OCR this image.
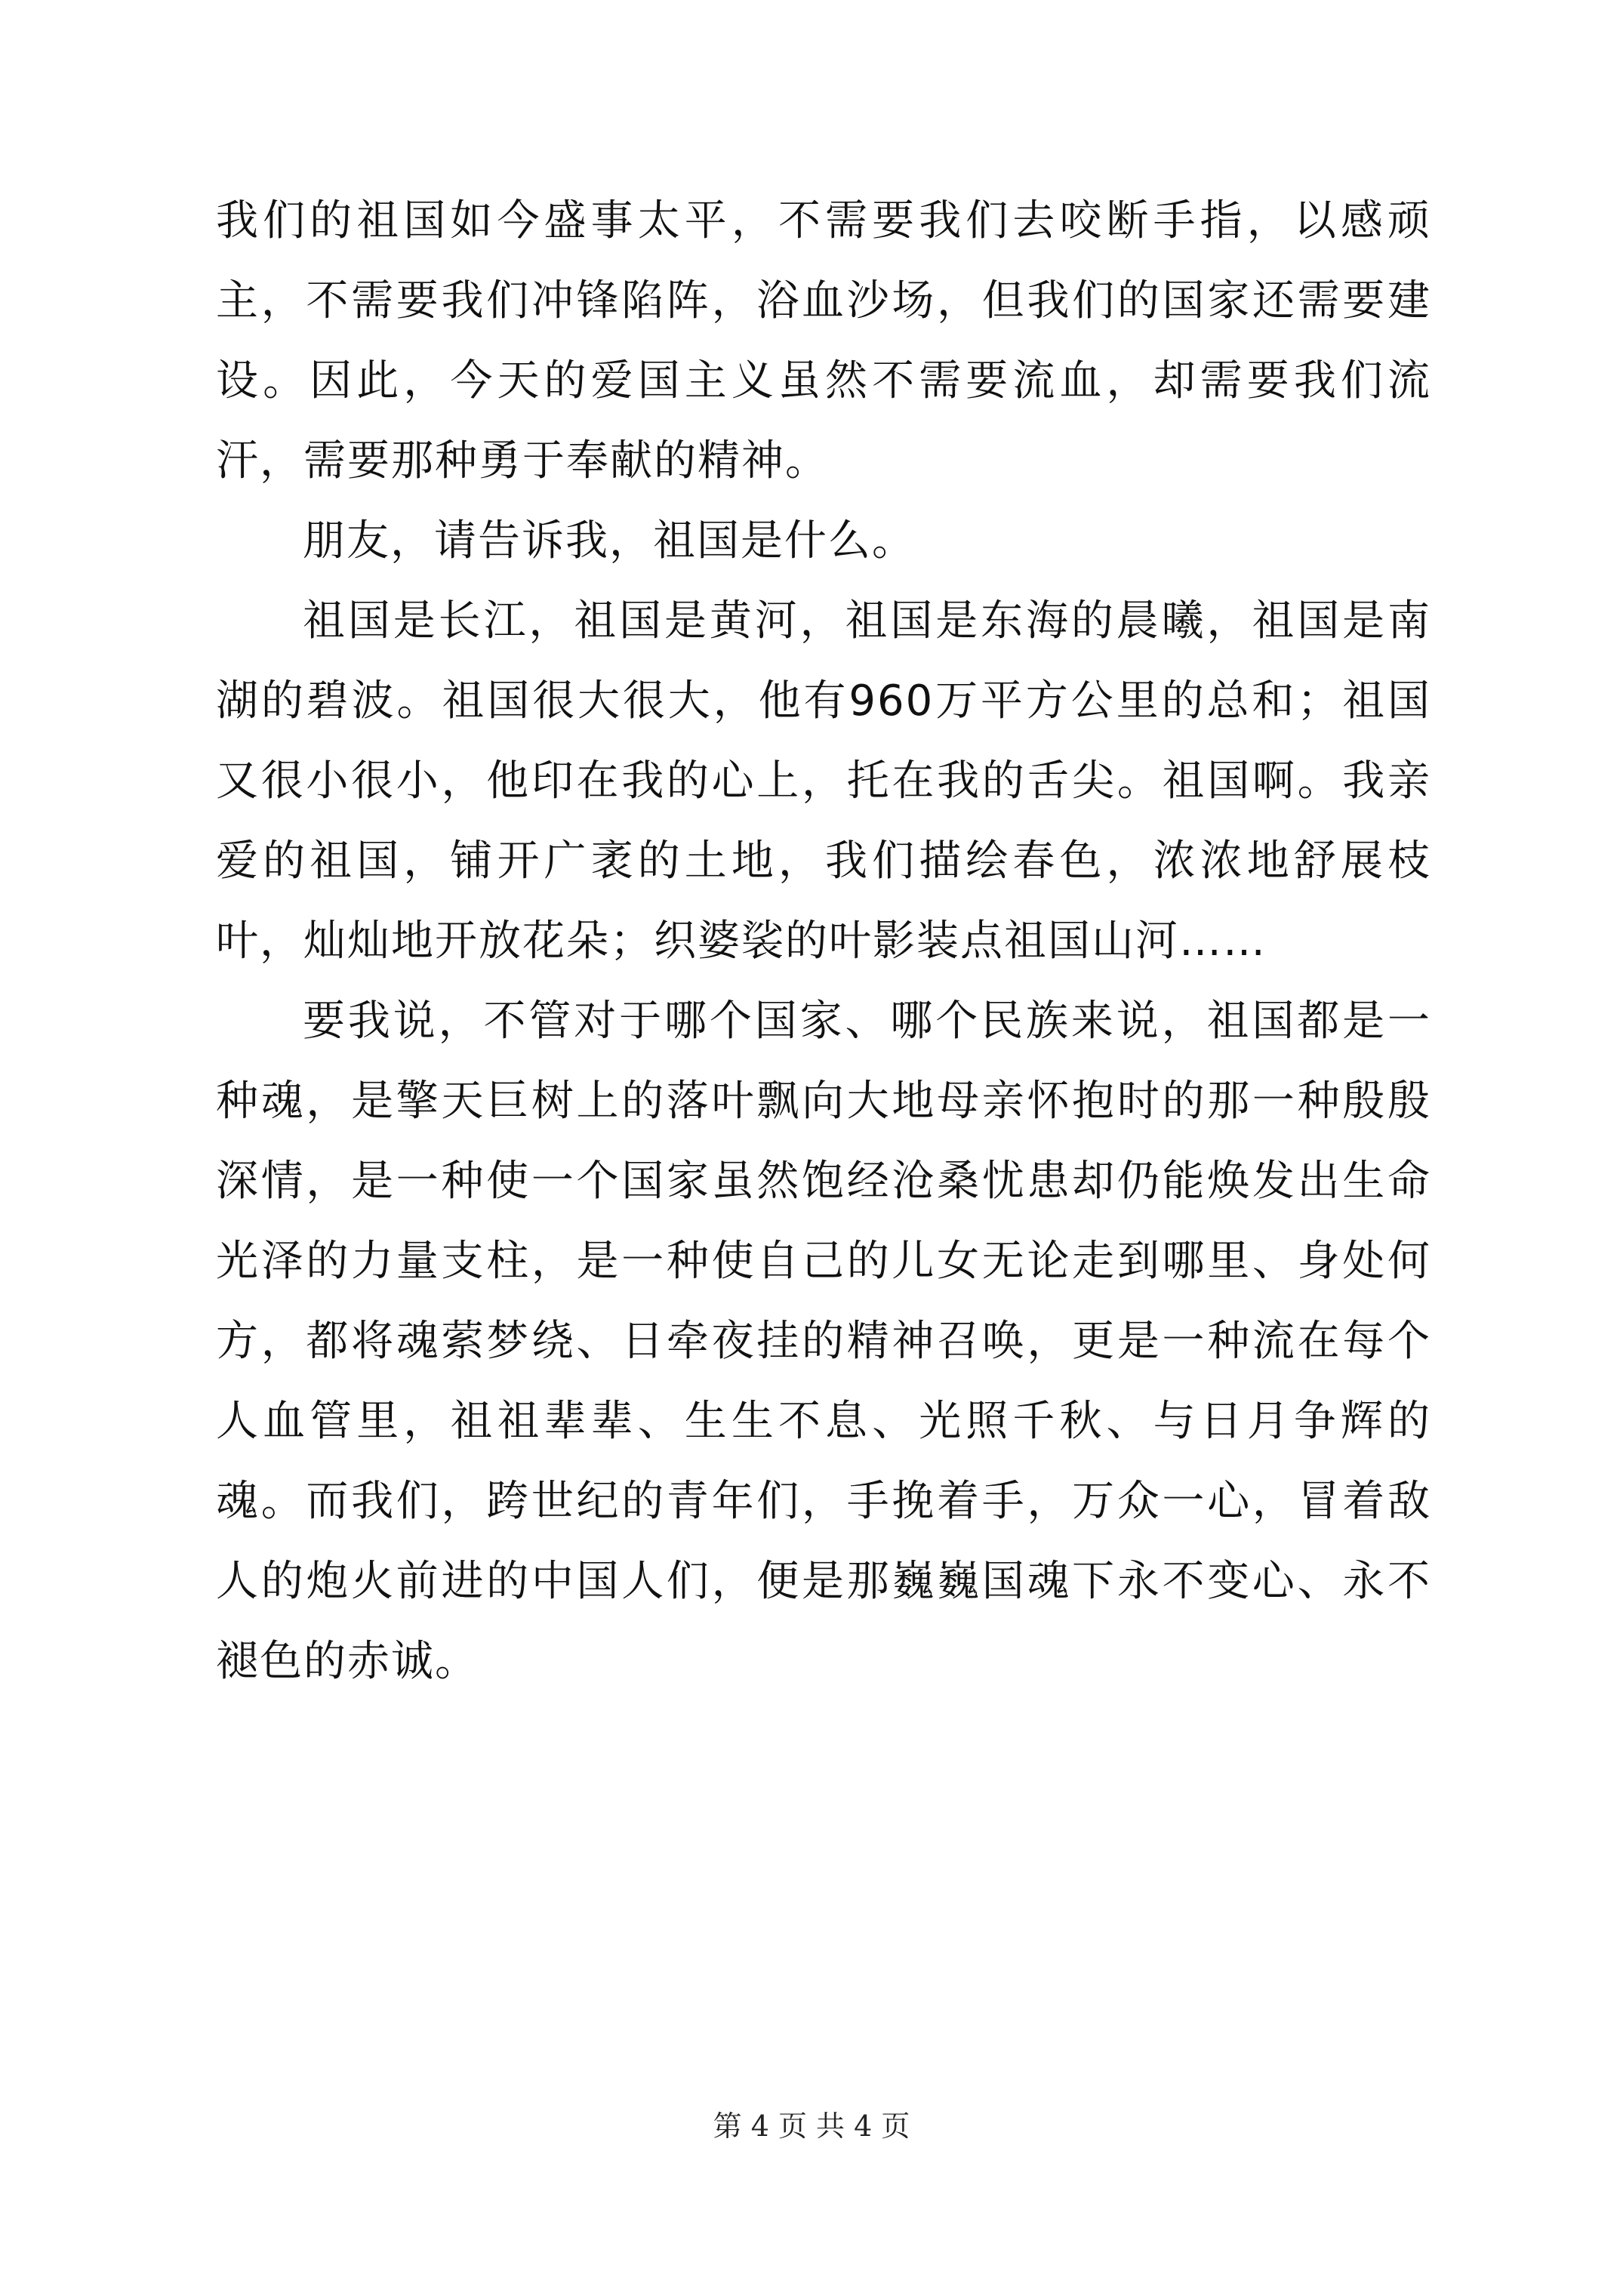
我们的祖国如今盛事太平，不需要我们去咬断手指，以感顽主，不需要我们冲锋陷阵，浴血沙场，但我们的国家还需要建设。因此，今天的爱国主义虽然不需要流血，却需要我们流汗，需要那种勇于奉献的精神。

朋友，请告诉我，祖国是什么。

祖国是长江，祖国是黄河，祖国是东海的晨曦，祖国是南湖的碧波。祖国很大很大，他有960万平方公里的总和；祖国又很小很小，他印在我的心上，托在我的舌尖。祖国啊。我亲爱的祖国，铺开广袤的土地，我们描绘春色，浓浓地舒展枝叶，灿灿地开放花朵；织婆裟的叶影装点祖国山河……

要我说，不管对于哪个国家、哪个民族来说，祖国都是一种魂，是擎天巨树上的落叶飘向大地母亲怀抱时的那一种殷殷深情，是一种使一个国家虽然饱经沧桑忧患却仍能焕发出生命光泽的力量支柱，是一种使自己的儿女无论走到哪里、身处何方，都将魂萦梦绕、日牵夜挂的精神召唤，更是一种流在每个人血管里，祖祖辈辈、生生不息、光照千秋、与日月争辉的魂。而我们，跨世纪的青年们，手挽着手，万众一心，冒着敌人的炮火前进的中国人们，便是那巍巍国魂下永不变心、永不褪色的赤诚。

第 4 页 共 4 页
